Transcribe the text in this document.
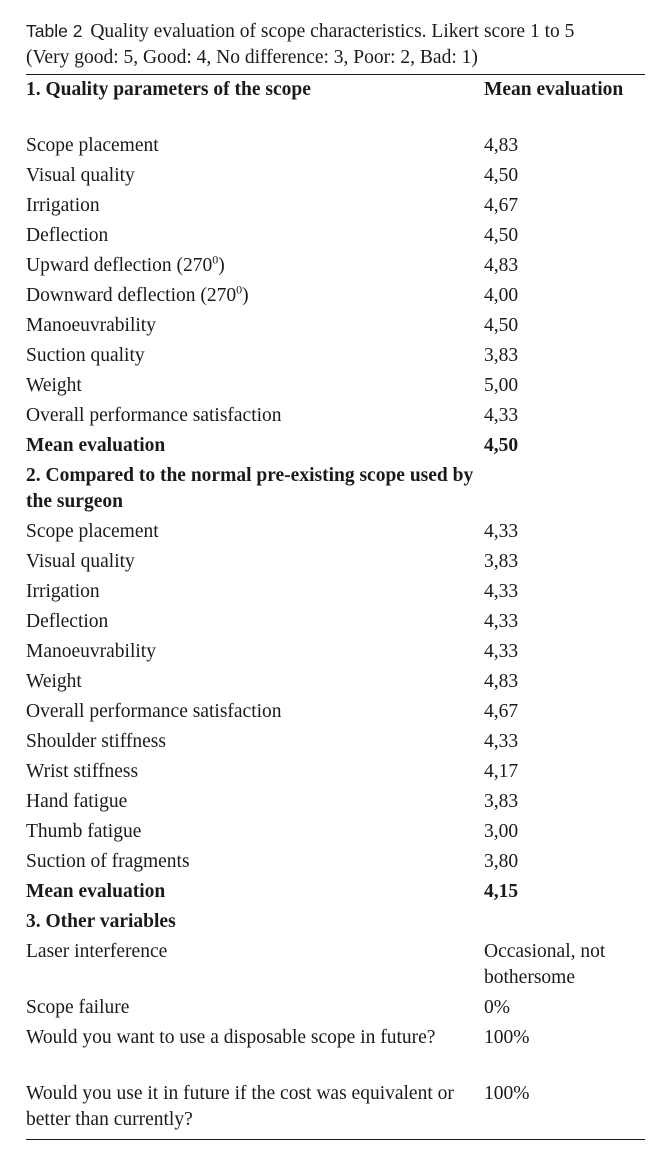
Table 2 Quality evaluation of scope characteristics. Likert score 1 to 5
(Very good: 5, Good: 4, No difference: 3, Poor: 2, Bad: 1)
1. Quality parameters of the scope	Mean evaluation
Scope placement	4,83
Visual quality	4,50
Irrigation	4,67
Deflection	4,50
Upward deflection $(270^0)$	4,83
Downward deflection $(270^0)$	4,00
Manoeuvrability	4,50
Suction quality	3,83
Weight	5,00
Overall performance satisfaction	4,33
Mean evaluation	4,50
2. Compared to the normal pre-existing scope used by the surgeon	
Scope placement	4,33
Visual quality	3,83
Irrigation	4,33
Deflection	4,33
Manoeuvrability	4,33
Weight	4,83
Overall performance satisfaction	4,67
Shoulder stiffness	4,33
Wrist stiffness	4,17
Hand fatigue	3,83
Thumb fatigue	3,00
Suction of fragments	3,80
Mean evaluation	4,15
3. Other variables	
Laser interference	Occasional, not bothersome
Scope failure	0%
Would you want to use a disposable scope in future?	100%
Would you use it in future if the cost was equivalent or better than currently?	100%
